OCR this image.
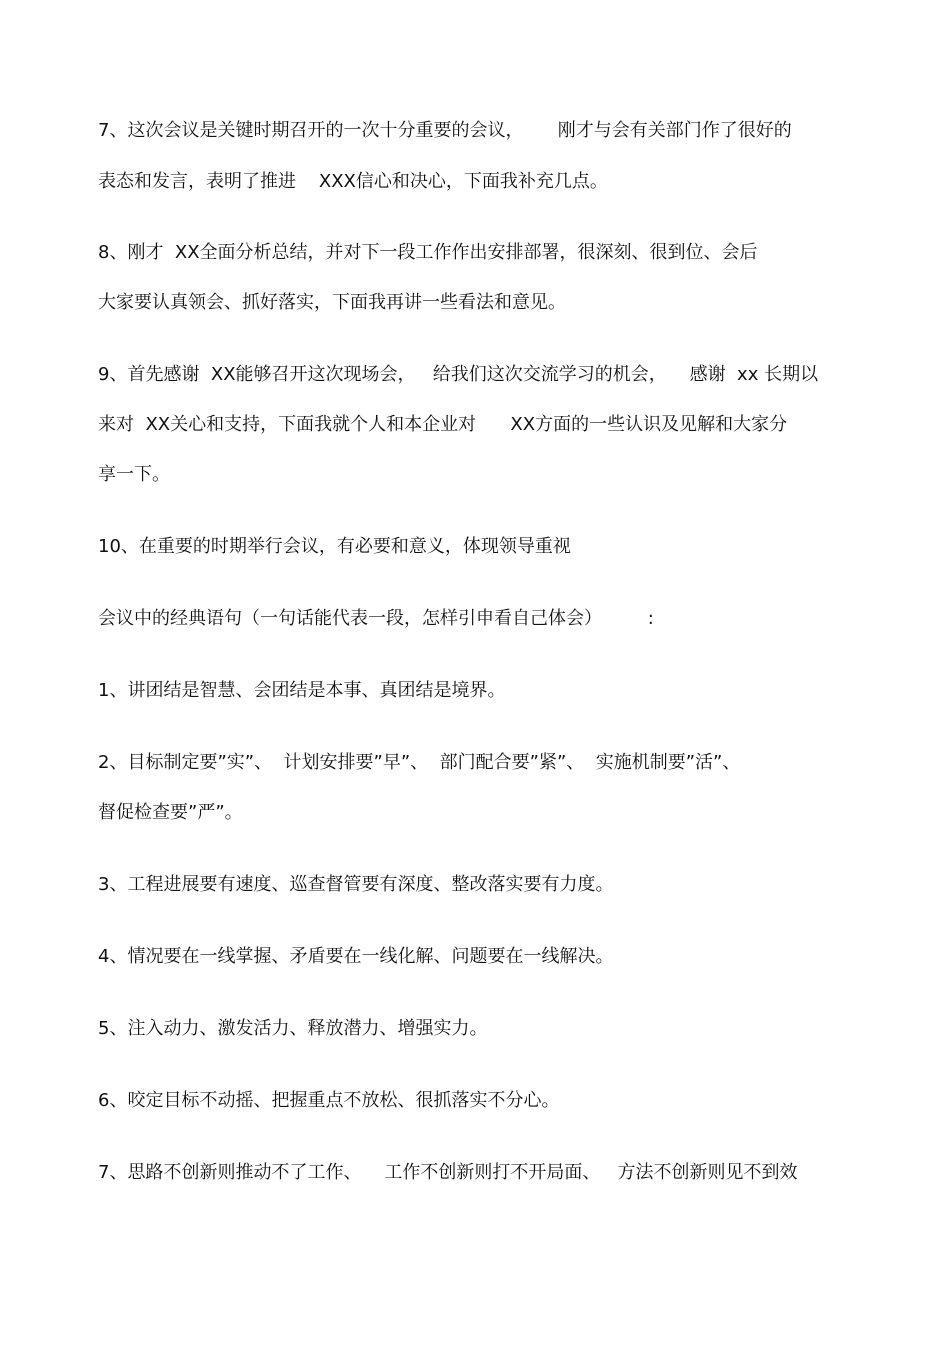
7、这次会议是关键时期召开的一次十分重要的会议，      刚才与会有关部门作了很好的
表态和发言，表明了推进    XXX信心和决心，下面我补充几点。
8、刚才  XX全面分析总结，并对下一段工作作出安排部署，很深刻、很到位、会后
大家要认真领会、抓好落实，下面我再讲一些看法和意见。
9、首先感谢  XX能够召开这次现场会，   给我们这次交流学习的机会，    感谢  xx 长期以
来对  XX关心和支持，下面我就个人和本企业对      XX方面的一些认识及见解和大家分
享一下。
10、在重要的时期举行会议，有必要和意义，体现领导重视
会议中的经典语句（一句话能代表一段，怎样引申看自己体会）        :
1、讲团结是智慧、会团结是本事、真团结是境界。
2、目标制定要”实”、  计划安排要”早”、  部门配合要”紧”、  实施机制要”活”、
督促检查要”严”。
3、工程进展要有速度、巡查督管要有深度、整改落实要有力度。
4、情况要在一线掌握、矛盾要在一线化解、问题要在一线解决。
5、注入动力、激发活力、释放潜力、增强实力。
6、咬定目标不动摇、把握重点不放松、很抓落实不分心。
7、思路不创新则推动不了工作、    工作不创新则打不开局面、   方法不创新则见不到效
